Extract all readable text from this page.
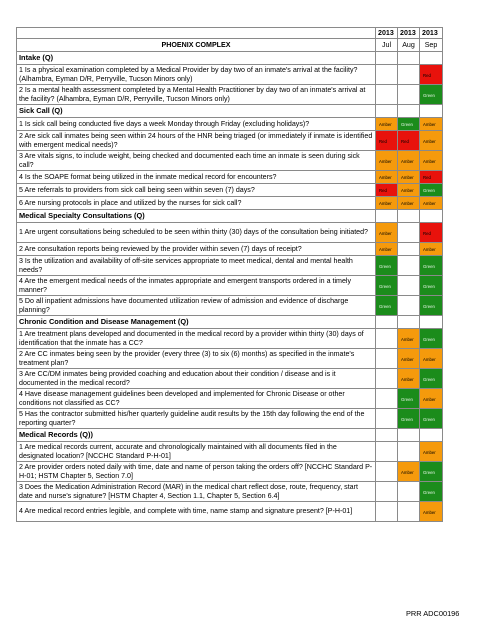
	2013	2013	2013
PHOENIX COMPLEX	Jul	Aug	Sep
Intake (Q)			
1 Is a physical examination completed by a Medical Provider by day two of an inmate's arrival at the facility? (Alhambra, Eyman D/R, Perryville, Tucson Minors only)			Red

2 Is a mental health assessment completed by a Mental Health Practitioner by day two of an inmate's arrival at the facility? (Alhambra, Eyman D/R, Perryville, Tucson Minors only)			Green

Sick Call (Q)			
1 Is sick call being conducted five days a week Monday through Friday (excluding holidays)?	Amber	Green	Amber

2 Are sick call inmates being seen within 24 hours of the HNR being triaged (or immediately if inmate is identified with emergent medical needs)?	Red	Red	Amber

3 Are vitals signs, to include weight, being checked and documented each time an inmate is seen during sick call?	Amber	Amber	Amber

4 Is the SOAPE format being utilized in the inmate medical record for encounters?	Amber	Amber	Red

5 Are referrals to providers from sick call being seen within seven (7) days?	Red	Amber	Green

6 Are nursing protocols in place and utilized by the nurses for sick call?	Amber	Amber	Amber

Medical Specialty Consultations (Q)			
1 Are urgent consultations being scheduled to be seen within thirty (30) days of the consultation being initiated?	Amber		Red

2 Are consultation reports being reviewed by the provider within seven (7) days of receipt?	Amber		Amber

3 Is the utilization and availability of off-site services appropriate to meet medical, dental and mental health needs?	Green		Green

4 Are the emergent medical needs of the inmates appropriate and emergent transports ordered in a timely manner?	Green		Green

5 Do all inpatient admissions have documented utilization review of admission and evidence of discharge planning?	Green		Green

Chronic Condition and Disease Management (Q)			
1 Are treatment plans developed and documented in the medical record by a provider within thirty (30) days of identification that the inmate has a CC?		Amber	Green

2 Are CC inmates being seen by the provider (every three (3) to six (6) months) as specified in the inmate's treatment plan?		Amber	Amber

3 Are CC/DM inmates being provided coaching and education about their condition / disease and is it documented in the medical record?		Amber	Green

4 Have disease management guidelines been developed and implemented for Chronic Disease or other conditions not classified as CC?		Green	Amber

5 Has the contractor submitted his/her quarterly guideline audit results by the 15th day following the end of the reporting quarter?		Green	Green

Medical Records (Q))			
1 Are medical records current, accurate and chronologically maintained with all documents filed in the designated location? [NCCHC Standard P-H-01]			Amber

2 Are provider orders noted daily with time, date and name of person taking the orders off? [NCCHC Standard P-H-01; HSTM Chapter 5, Section 7.0]		Amber	Green

3 Does the Medication Administration Record (MAR) in the medical chart reflect dose, route, frequency, start date and nurse's signature? [HSTM Chapter 4, Section 1.1, Chapter 5, Section 6.4]			Green

4 Are medical record entries legible, and complete with time, name stamp and signature present? [P-H-01]			Amber
PRR ADC00196
